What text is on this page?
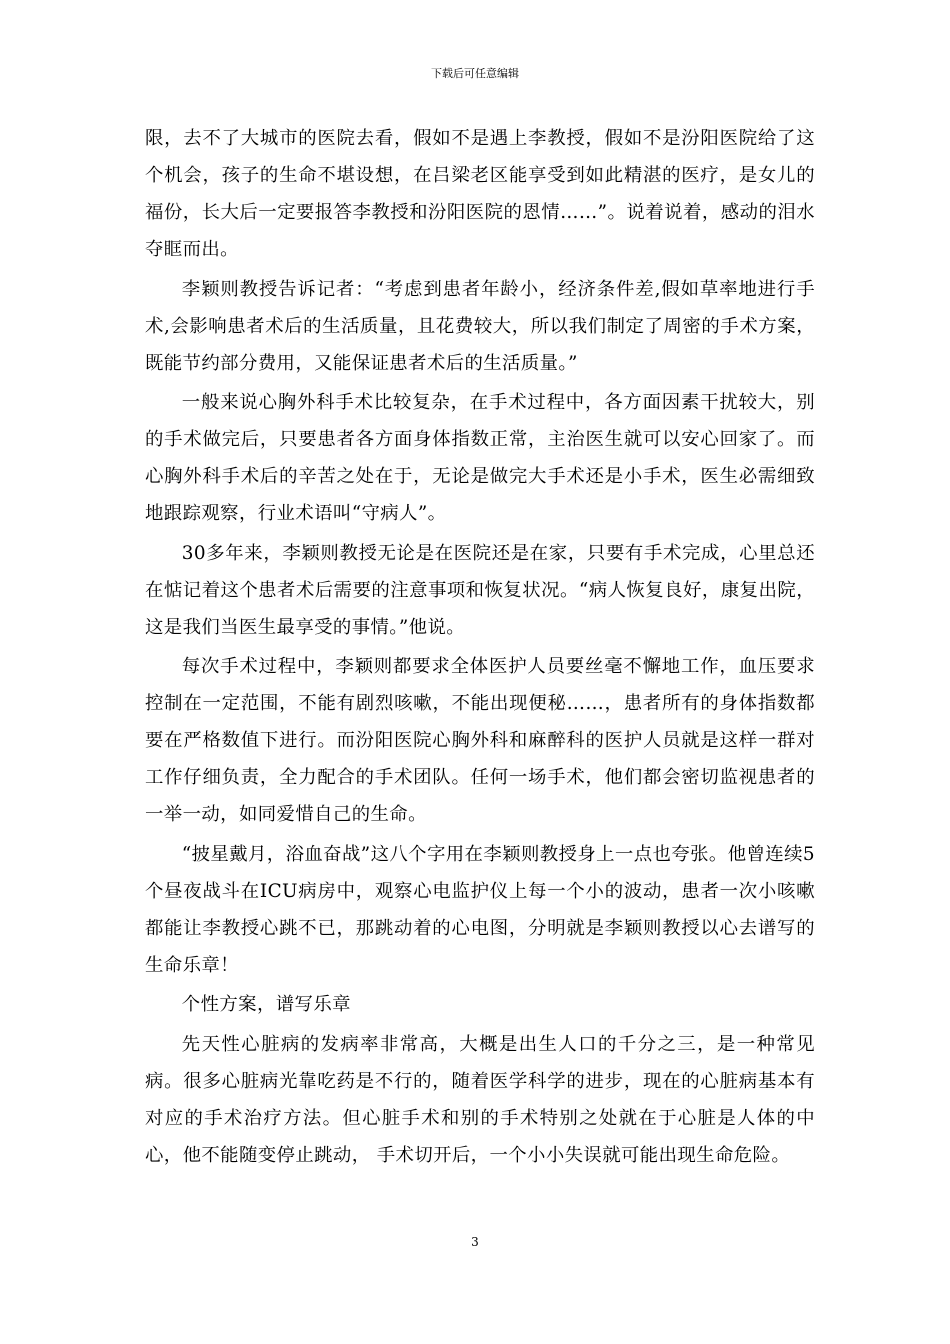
下载后可任意编辑

限，去不了大城市的医院去看，假如不是遇上李教授，假如不是汾阳医院给了这个机会，孩子的生命不堪设想，在吕梁老区能享受到如此精湛的医疗，是女儿的福份，长大后一定要报答李教授和汾阳医院的恩情……”。说着说着，感动的泪水夺眶而出。

李颖则教授告诉记者：“考虑到患者年龄小，经济条件差,假如草率地进行手术,会影响患者术后的生活质量，且花费较大，所以我们制定了周密的手术方案，既能节约部分费用，又能保证患者术后的生活质量。”

一般来说心胸外科手术比较复杂，在手术过程中，各方面因素干扰较大，别的手术做完后，只要患者各方面身体指数正常，主治医生就可以安心回家了。而心胸外科手术后的辛苦之处在于，无论是做完大手术还是小手术，医生必需细致地跟踪观察，行业术语叫“守病人”。

30多年来，李颖则教授无论是在医院还是在家，只要有手术完成，心里总还在惦记着这个患者术后需要的注意事项和恢复状况。“病人恢复良好，康复出院，这是我们当医生最享受的事情。”他说。

每次手术过程中，李颖则都要求全体医护人员要丝毫不懈地工作，血压要求控制在一定范围，不能有剧烈咳嗽，不能出现便秘……，患者所有的身体指数都要在严格数值下进行。而汾阳医院心胸外科和麻醉科的医护人员就是这样一群对工作仔细负责，全力配合的手术团队。任何一场手术，他们都会密切监视患者的一举一动，如同爱惜自己的生命。

“披星戴月，浴血奋战”这八个字用在李颖则教授身上一点也夸张。他曾连续5个昼夜战斗在ICU病房中，观察心电监护仪上每一个小的波动，患者一次小咳嗽都能让李教授心跳不已，那跳动着的心电图，分明就是李颖则教授以心去谱写的生命乐章！

个性方案，谱写乐章

先天性心脏病的发病率非常高，大概是出生人口的千分之三，是一种常见病。很多心脏病光靠吃药是不行的，随着医学科学的进步，现在的心脏病基本有对应的手术治疗方法。但心脏手术和别的手术特别之处就在于心脏是人体的中心，他不能随变停止跳动， 手术切开后，一个小小失误就可能出现生命危险。

3
